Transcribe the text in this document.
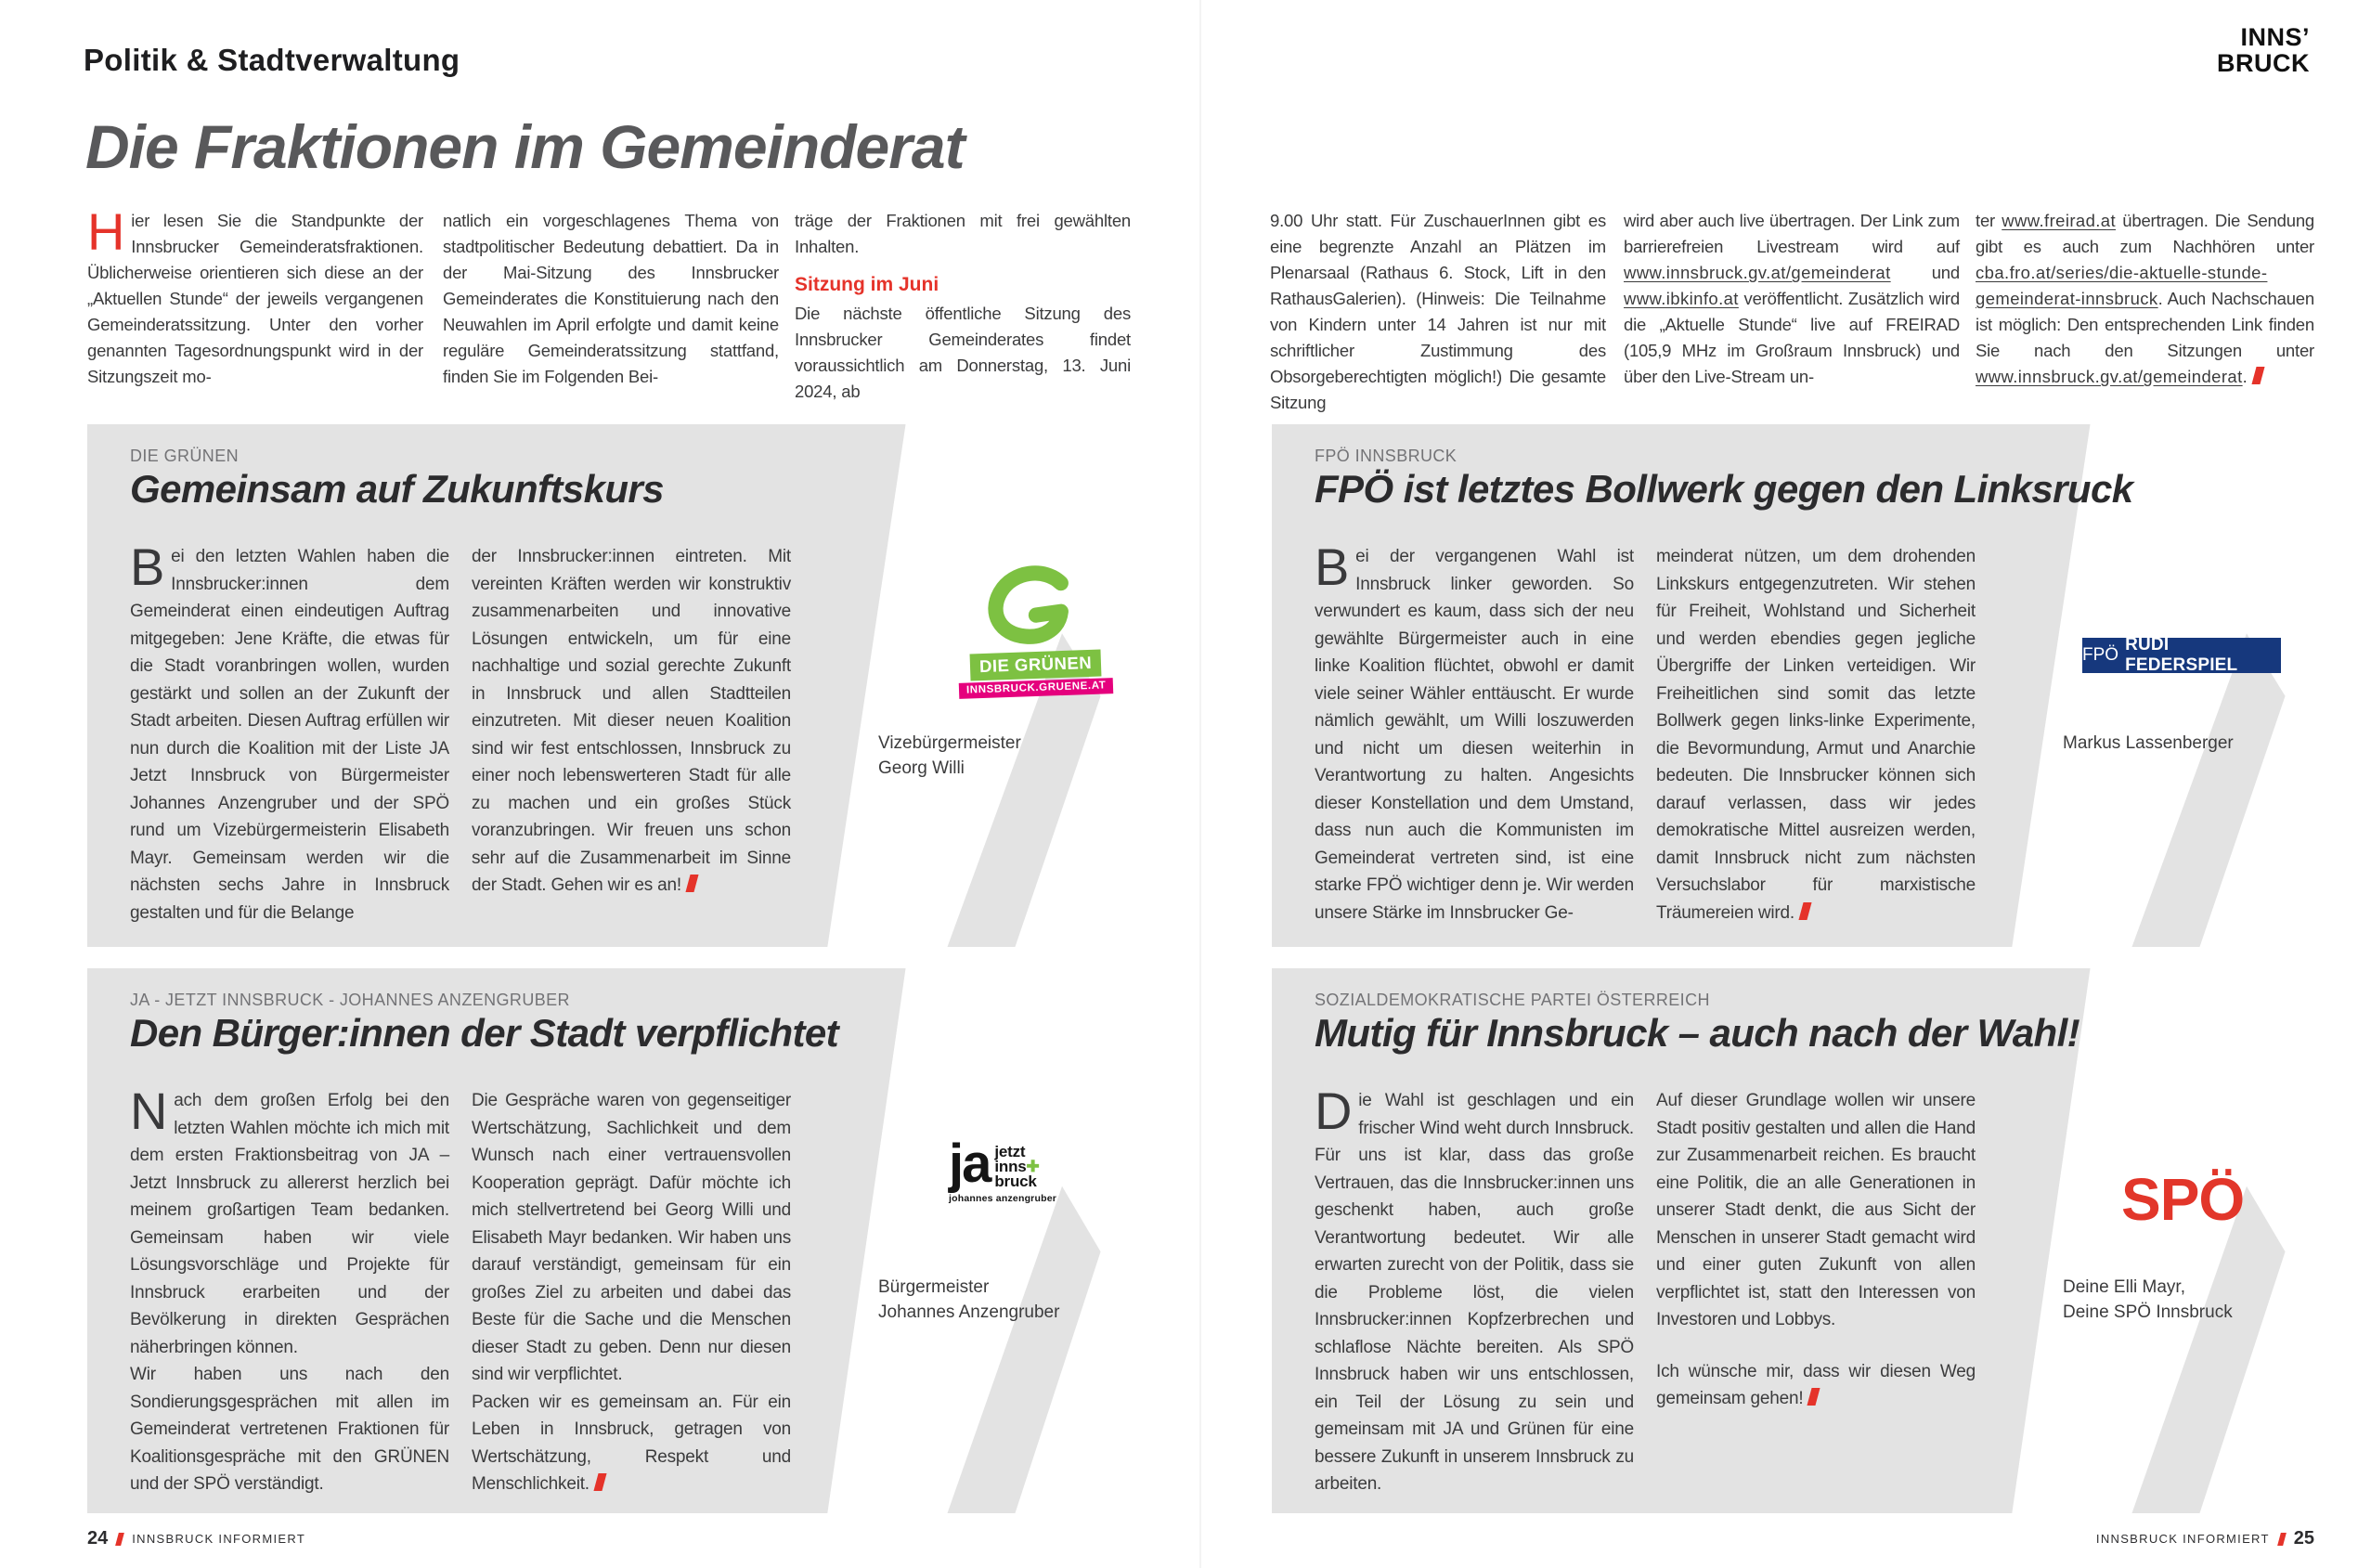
Politik & Stadtverwaltung
INNS’
BRUCK
Die Fraktionen im Gemeinderat
Hier lesen Sie die Standpunkte der Innsbrucker Gemeinderatsfraktionen. Üblicherweise orientieren sich diese an der „Aktuellen Stunde“ der jeweils vergangenen Gemeinderatssitzung. Unter den vorher genannten Tagesordnungspunkt wird in der Sitzungszeit mo-
natlich ein vorgeschlagenes Thema von stadtpolitischer Bedeutung debattiert. Da in der Mai-Sitzung des Innsbrucker Gemeinderates die Konstituierung nach den Neuwahlen im April erfolgte und damit keine reguläre Gemeinderatssitzung stattfand, finden Sie im Folgenden Bei-
träge der Fraktionen mit frei gewählten Inhalten.
Sitzung im Juni
Die nächste öffentliche Sitzung des Innsbrucker Gemeinderates findet voraussichtlich am Donnerstag, 13. Juni 2024, ab
9.00 Uhr statt. Für ZuschauerInnen gibt es eine begrenzte Anzahl an Plätzen im Plenarsaal (Rathaus 6. Stock, Lift in den RathausGalerien). (Hinweis: Die Teilnahme von Kindern unter 14 Jahren ist nur mit schriftlicher Zustimmung des Obsorgeberechtigten möglich!) Die gesamte Sitzung
wird aber auch live übertragen. Der Link zum barrierefreien Livestream wird auf www.innsbruck.gv.at/gemeinderat und www.ibkinfo.at veröffentlicht. Zusätzlich wird die „Aktuelle Stunde“ live auf FREIRAD (105,9 MHz im Großraum Innsbruck) und über den Live-Stream un-
ter www.freirad.at übertragen. Die Sendung gibt es auch zum Nachhören unter cba.fro.at/series/die-aktuelle-stunde-gemeinderat-innsbruck. Auch Nachschauen ist möglich: Den entsprechenden Link finden Sie nach den Sitzungen unter www.innsbruck.gv.at/gemeinderat.
DIE GRÜNEN
Gemeinsam auf Zukunftskurs
Bei den letzten Wahlen haben die Innsbrucker:innen dem Gemeinderat einen eindeutigen Auftrag mitgegeben: Jene Kräfte, die etwas für die Stadt voranbringen wollen, wurden gestärkt und sollen an der Zukunft der Stadt arbeiten. Diesen Auftrag erfüllen wir nun durch die Koalition mit der Liste JA Jetzt Innsbruck von Bürgermeister Johannes Anzengruber und der SPÖ rund um Vizebürgermeisterin Elisabeth Mayr. Gemeinsam werden wir die nächsten sechs Jahre in Innsbruck gestalten und für die Belange
der Innsbrucker:innen eintreten. Mit vereinten Kräften werden wir konstruktiv zusammenarbeiten und innovative Lösungen entwickeln, um für eine nachhaltige und sozial gerechte Zukunft in Innsbruck und allen Stadtteilen einzutreten. Mit dieser neuen Koalition sind wir fest entschlossen, Innsbruck zu einer noch lebenswerteren Stadt für alle zu machen und ein großes Stück voranzubringen. Wir freuen uns schon sehr auf die Zusammenarbeit im Sinne der Stadt. Gehen wir es an!
DIE GRÜNEN
INNSBRUCK.GRUENE.AT
Vizebürgermeister
Georg Willi
FPÖ INNSBRUCK
FPÖ ist letztes Bollwerk gegen den Linksruck
Bei der vergangenen Wahl ist Innsbruck linker geworden. So verwundert es kaum, dass sich der neu gewählte Bürgermeister auch in eine linke Koalition flüchtet, obwohl er damit viele seiner Wähler enttäuscht. Er wurde nämlich gewählt, um Willi loszuwerden und nicht um diesen weiterhin in Verantwortung zu halten. Angesichts dieser Konstellation und dem Umstand, dass nun auch die Kommunisten im Gemeinderat vertreten sind, ist eine starke FPÖ wichtiger denn je. Wir werden unsere Stärke im Innsbrucker Ge-
meinderat nützen, um dem drohenden Linkskurs entgegenzutreten. Wir stehen für Freiheit, Wohlstand und Sicherheit und werden ebendies gegen jegliche Übergriffe der Linken verteidigen. Wir Freiheitlichen sind somit das letzte Bollwerk gegen links-linke Experimente, die Bevormundung, Armut und Anarchie bedeuten. Die Innsbrucker können sich darauf verlassen, dass wir jedes demokratische Mittel ausreizen werden, damit Innsbruck nicht zum nächsten Versuchslabor für marxistische Träumereien wird.
FPÖ
RUDI FEDERSPIEL
Markus Lassenberger
JA - JETZT INNSBRUCK - JOHANNES ANZENGRUBER
Den Bürger:innen der Stadt verpflichtet
Nach dem großen Erfolg bei den letzten Wahlen möchte ich mich mit dem ersten Fraktionsbeitrag von JA – Jetzt Innsbruck zu allererst herzlich bei meinem großartigen Team bedanken. Gemeinsam haben wir viele Lösungsvorschläge und Projekte für Innsbruck erarbeiten und der Bevölkerung in direkten Gesprächen näherbringen können.
Wir haben uns nach den Sondierungsgesprächen mit allen im Gemeinderat vertretenen Fraktionen für Koalitionsgespräche mit den GRÜNEN und der SPÖ verständigt.
Die Gespräche waren von gegenseitiger Wertschätzung, Sachlichkeit und dem Wunsch nach einer vertrauensvollen Kooperation geprägt. Dafür möchte ich mich stellvertretend bei Georg Willi und Elisabeth Mayr bedanken. Wir haben uns darauf verständigt, gemeinsam für ein großes Ziel zu arbeiten und dabei das Beste für die Sache und die Menschen dieser Stadt zu geben. Denn nur diesen sind wir verpflichtet.
Packen wir es gemeinsam an. Für ein Leben in Innsbruck, getragen von Wertschätzung, Respekt und Menschlichkeit.
ja jetzt
inns✚
bruck
johannes anzengruber
Bürgermeister
Johannes Anzengruber
SOZIALDEMOKRATISCHE PARTEI ÖSTERREICH
Mutig für Innsbruck – auch nach der Wahl!
Die Wahl ist geschlagen und ein frischer Wind weht durch Innsbruck. Für uns ist klar, dass das große Vertrauen, das die Innsbrucker:innen uns geschenkt haben, auch große Verantwortung bedeutet. Wir alle erwarten zurecht von der Politik, dass sie die Probleme löst, die vielen Innsbrucker:innen Kopfzerbrechen und schlaflose Nächte bereiten. Als SPÖ Innsbruck haben wir uns entschlossen, ein Teil der Lösung zu sein und gemeinsam mit JA und Grünen für eine bessere Zukunft in unserem Innsbruck zu arbeiten.
Auf dieser Grundlage wollen wir unsere Stadt positiv gestalten und allen die Hand zur Zusammenarbeit reichen. Es braucht eine Politik, die an alle Generationen in unserer Stadt denkt, die aus Sicht der Menschen in unserer Stadt gemacht wird und einer guten Zukunft von allen verpflichtet ist, statt den Interessen von Investoren und Lobbys.
Ich wünsche mir, dass wir diesen Weg gemeinsam gehen!
SPÖ
Deine Elli Mayr,
Deine SPÖ Innsbruck
24 INNSBRUCK INFORMIERT	INNSBRUCK INFORMIERT 25
